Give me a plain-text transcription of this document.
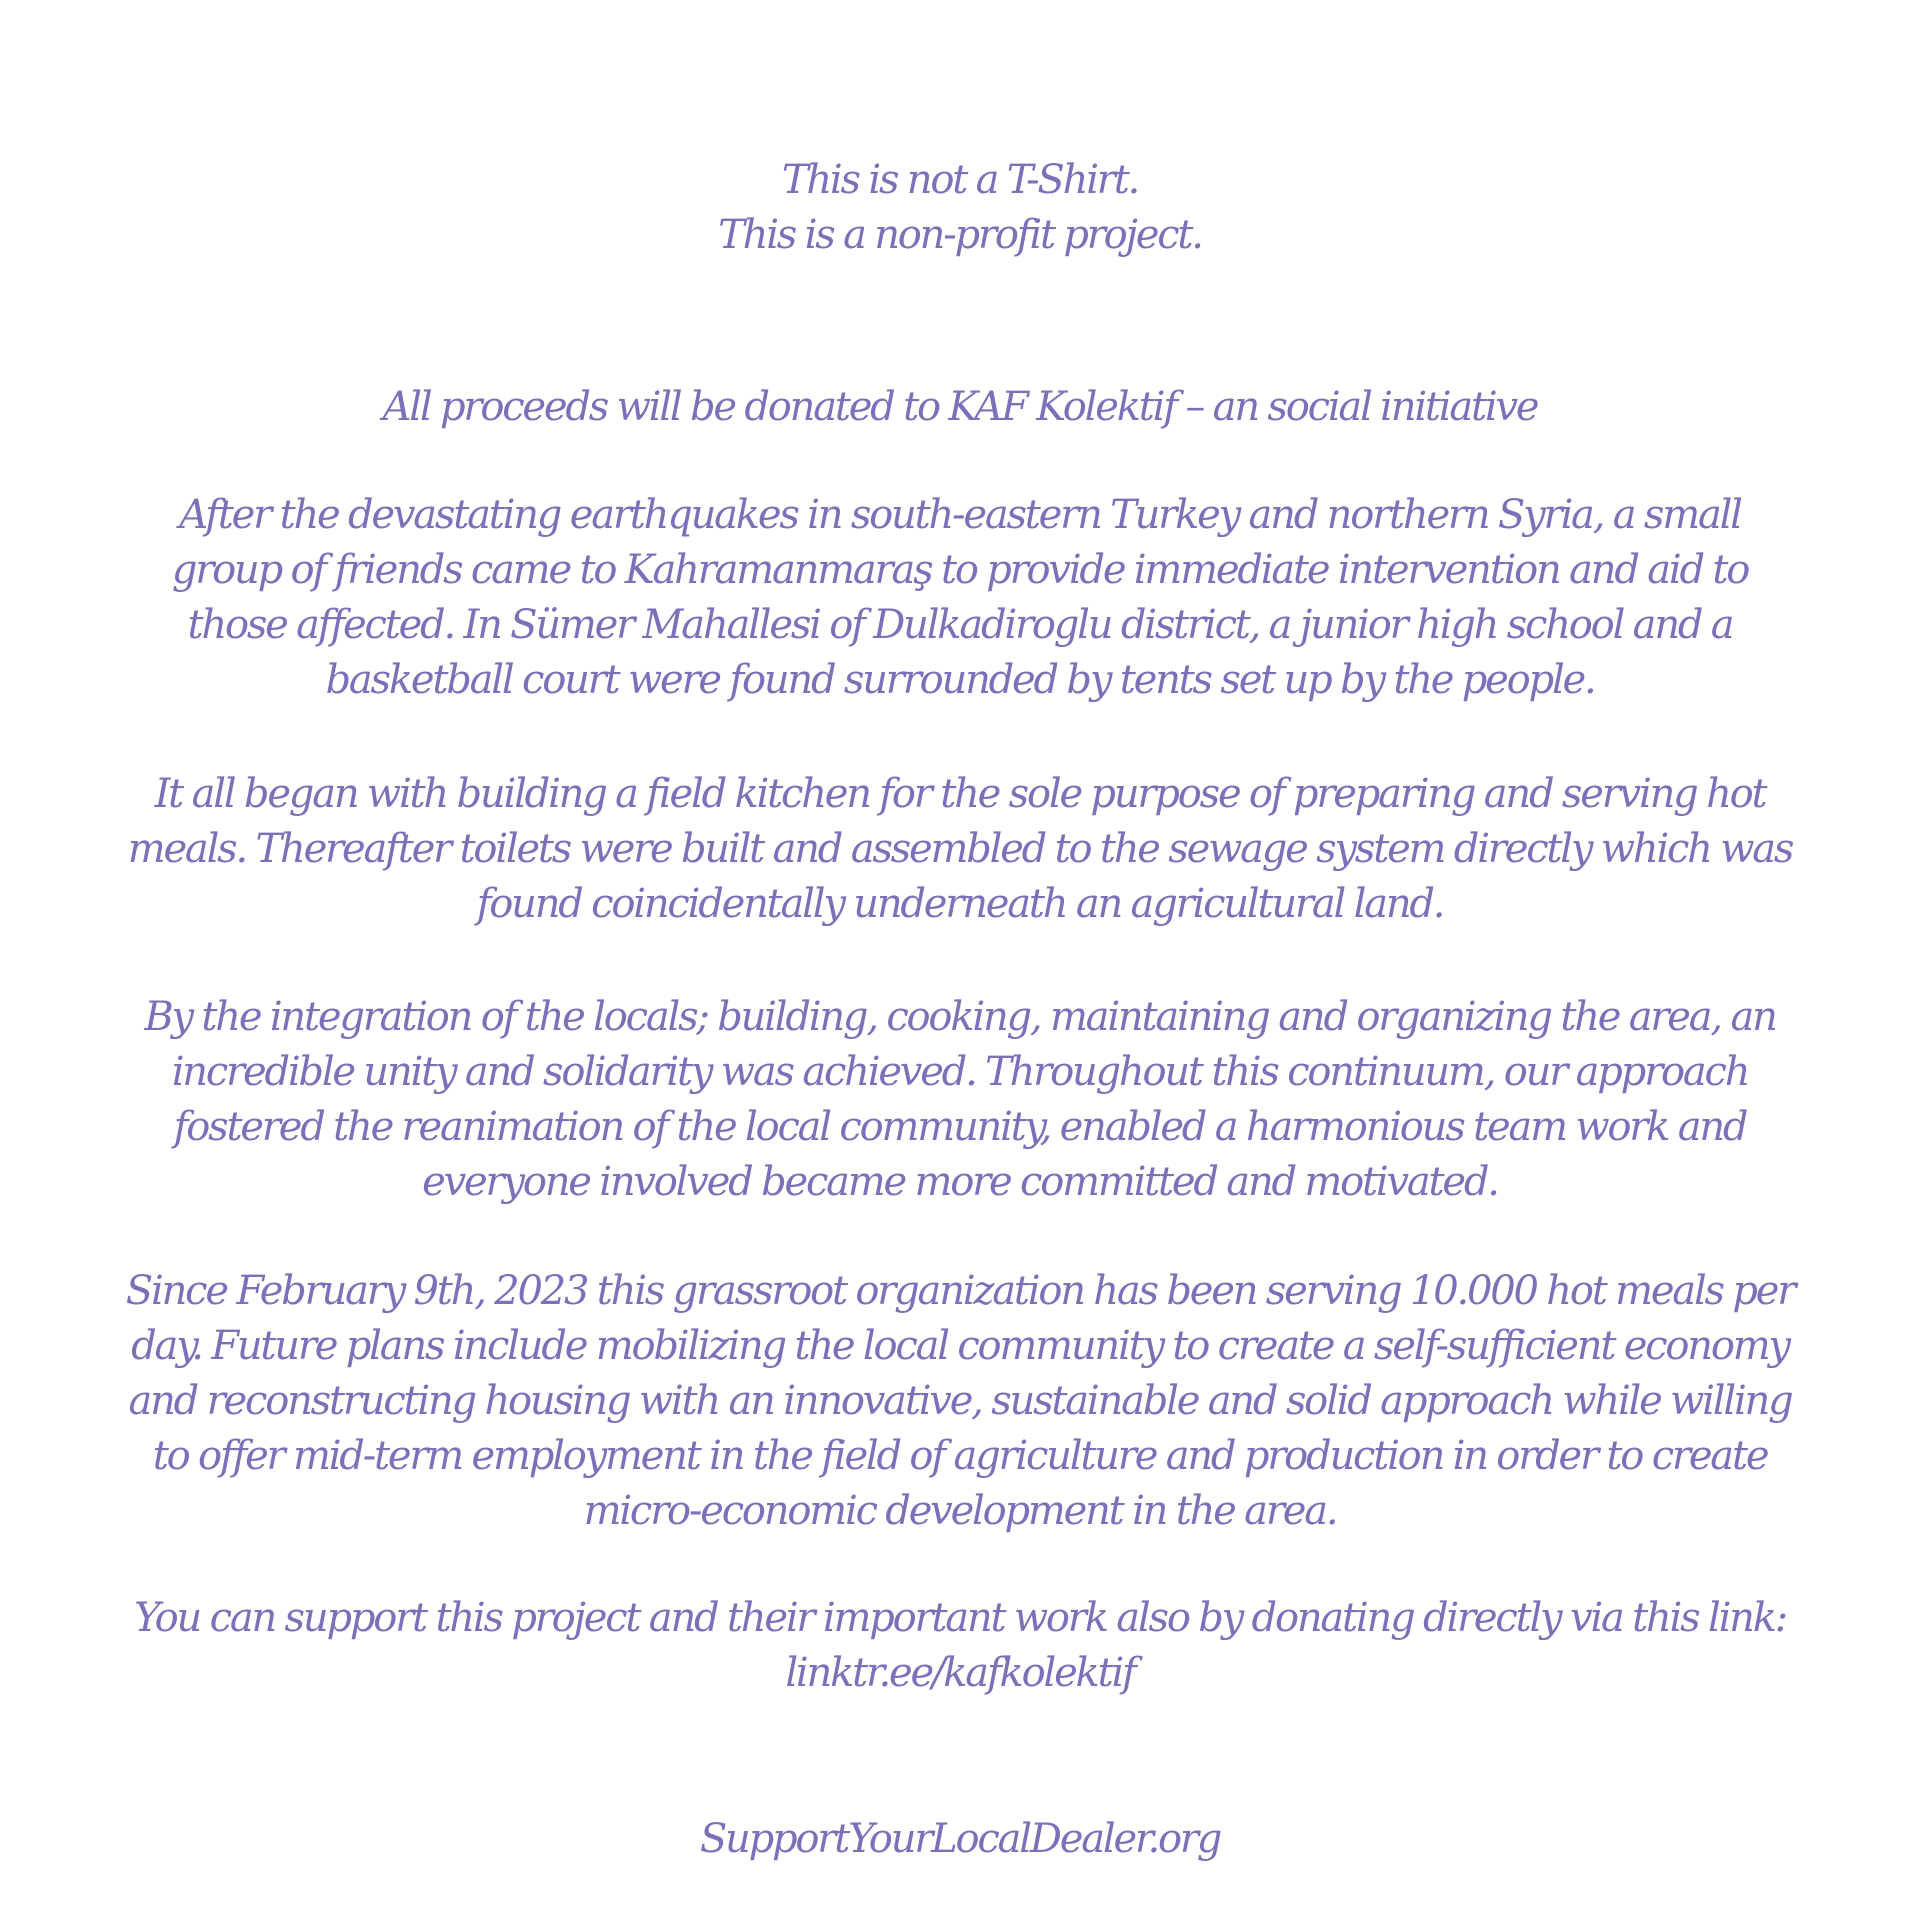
This is not a T-Shirt.
This is a non-profit project.
All proceeds will be donated to KAF Kolektif – an social initiative
After the devastating earthquakes in south-eastern Turkey and northern Syria, a small
group of friends came to Kahramanmaraş to provide immediate intervention and aid to
those affected. In Sümer Mahallesi of Dulkadiroglu district, a junior high school and a
basketball court were found surrounded by tents set up by the people.
It all began with building a field kitchen for the sole purpose of preparing and serving hot
meals. Thereafter toilets were built and assembled to the sewage system directly which was
found coincidentally underneath an agricultural land.
By the integration of the locals; building, cooking, maintaining and organizing the area, an
incredible unity and solidarity was achieved. Throughout this continuum, our approach
fostered the reanimation of the local community, enabled a harmonious team work and
everyone involved became more committed and motivated.
Since February 9th, 2023 this grassroot organization has been serving 10.000 hot meals per
day. Future plans include mobilizing the local community to create a self-sufficient economy
and reconstructing housing with an innovative, sustainable and solid approach while willing
to offer mid-term employment in the field of agriculture and production in order to create
micro-economic development in the area.
You can support this project and their important work also by donating directly via this link:
linktr.ee/kafkolektif
SupportYourLocalDealer.org
